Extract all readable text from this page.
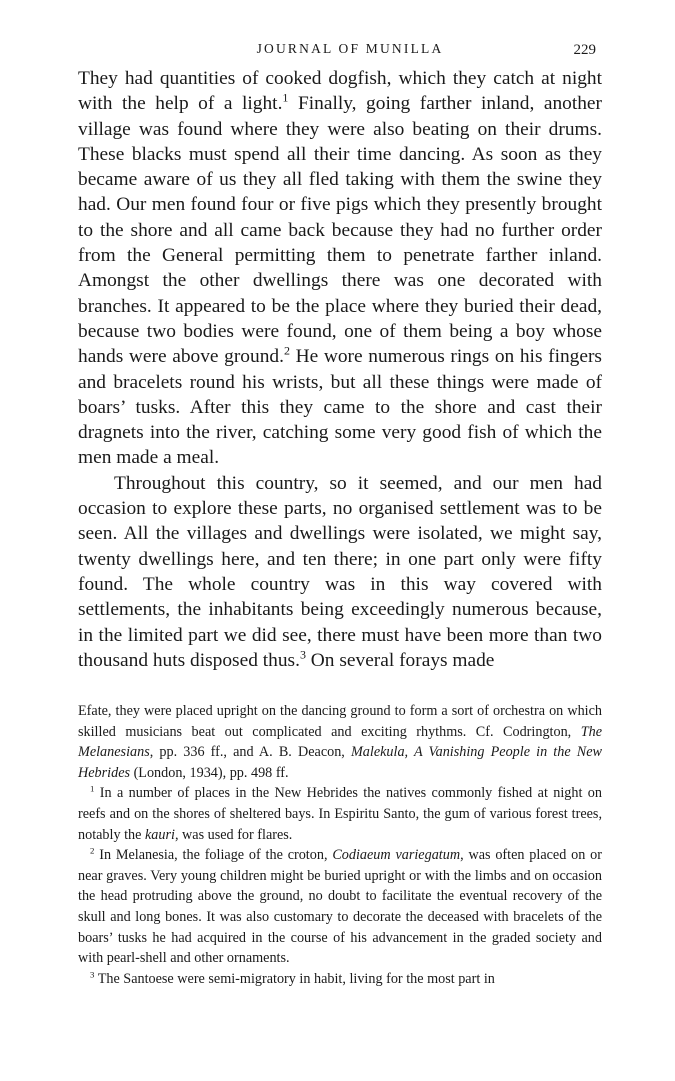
JOURNAL OF MUNILLA	229

They had quantities of cooked dogfish, which they catch at night with the help of a light.$^1$ Finally, going farther inland, another village was found where they were also beating on their drums. These blacks must spend all their time dancing. As soon as they became aware of us they all fled taking with them the swine they had. Our men found four or five pigs which they presently brought to the shore and all came back because they had no further order from the General permitting them to penetrate farther inland. Amongst the other dwellings there was one decorated with branches. It appeared to be the place where they buried their dead, because two bodies were found, one of them being a boy whose hands were above ground.$^2$ He wore numerous rings on his fingers and bracelets round his wrists, but all these things were made of boars’ tusks. After this they came to the shore and cast their dragnets into the river, catching some very good fish of which the men made a meal.

Throughout this country, so it seemed, and our men had occasion to explore these parts, no organised settlement was to be seen. All the villages and dwellings were isolated, we might say, twenty dwellings here, and ten there; in one part only were fifty found. The whole country was in this way covered with settlements, the inhabitants being exceedingly numerous because, in the limited part we did see, there must have been more than two thousand huts disposed thus.$^3$ On several forays made

Efate, they were placed upright on the dancing ground to form a sort of orchestra on which skilled musicians beat out complicated and exciting rhythms. Cf. Codrington, The Melanesians, pp. 336 ff., and A. B. Deacon, Malekula, A Vanishing People in the New Hebrides (London, 1934), pp. 498 ff.

$^1$ In a number of places in the New Hebrides the natives commonly fished at night on reefs and on the shores of sheltered bays. In Espiritu Santo, the gum of various forest trees, notably the kauri, was used for flares.

$^2$ In Melanesia, the foliage of the croton, Codiaeum variegatum, was often placed on or near graves. Very young children might be buried upright or with the limbs and on occasion the head protruding above the ground, no doubt to facilitate the eventual recovery of the skull and long bones. It was also customary to decorate the deceased with bracelets of the boars’ tusks he had acquired in the course of his advancement in the graded society and with pearl-shell and other ornaments.

$^3$ The Santoese were semi-migratory in habit, living for the most part in
